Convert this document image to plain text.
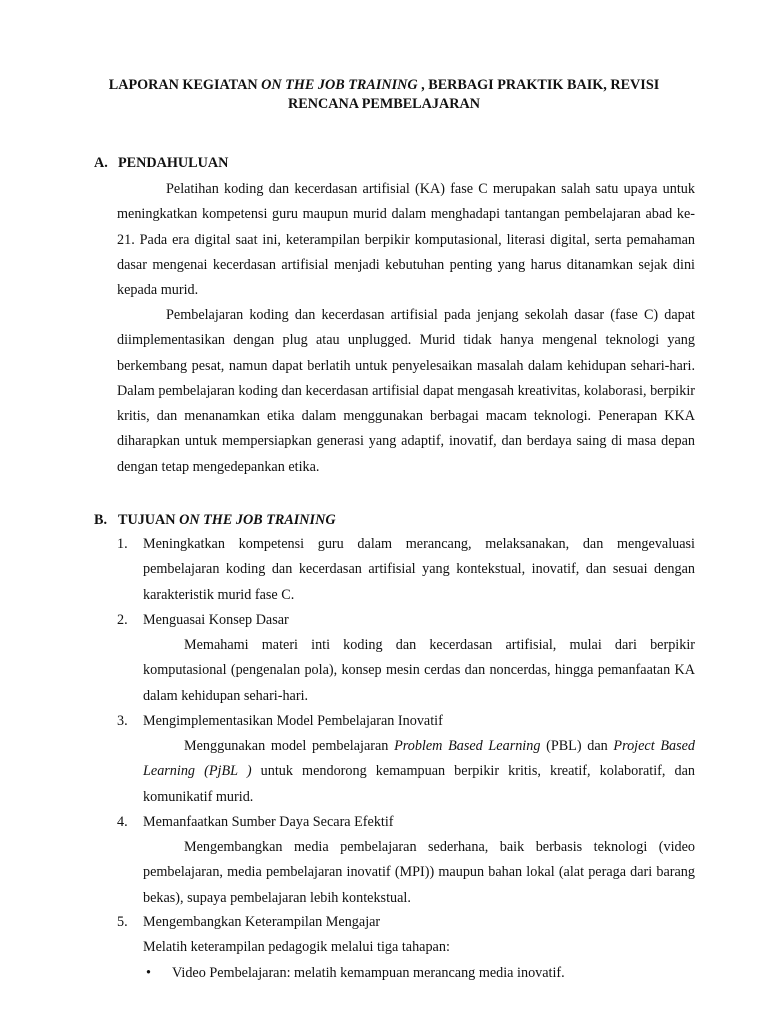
LAPORAN KEGIATAN ON THE JOB TRAINING , BERBAGI PRAKTIK BAIK, REVISI
RENCANA PEMBELAJARAN
A. PENDAHULUAN

Pelatihan koding dan kecerdasan artifisial (KA) fase C merupakan salah satu upaya untuk meningkatkan kompetensi guru maupun murid dalam menghadapi tantangan pembelajaran abad ke-21. Pada era digital saat ini, keterampilan berpikir komputasional, literasi digital, serta pemahaman dasar mengenai kecerdasan artifisial menjadi kebutuhan penting yang harus ditanamkan sejak dini kepada murid.

Pembelajaran koding dan kecerdasan artifisial pada jenjang sekolah dasar (fase C) dapat diimplementasikan dengan plug atau unplugged. Murid tidak hanya mengenal teknologi yang berkembang pesat, namun dapat berlatih untuk penyelesaikan masalah dalam kehidupan sehari-hari. Dalam pembelajaran koding dan kecerdasan artifisial dapat mengasah kreativitas, kolaborasi, berpikir kritis, dan menanamkan etika dalam menggunakan berbagai macam teknologi. Penerapan KKA diharapkan untuk mempersiapkan generasi yang adaptif, inovatif, dan berdaya saing di masa depan dengan tetap mengedepankan etika.

B. TUJUAN ON THE JOB TRAINING
1. Meningkatkan kompetensi guru dalam merancang, melaksanakan, dan mengevaluasi pembelajaran koding dan kecerdasan artifisial yang kontekstual, inovatif, dan sesuai dengan karakteristik murid fase C.
2. Menguasai Konsep Dasar

Memahami materi inti koding dan kecerdasan artifisial, mulai dari berpikir komputasional (pengenalan pola), konsep mesin cerdas dan noncerdas, hingga pemanfaatan KA dalam kehidupan sehari-hari.

3. Mengimplementasikan Model Pembelajaran Inovatif

Menggunakan model pembelajaran Problem Based Learning (PBL) dan Project Based Learning (PjBL ) untuk mendorong kemampuan berpikir kritis, kreatif, kolaboratif, dan komunikatif murid.

4. Memanfaatkan Sumber Daya Secara Efektif

Mengembangkan media pembelajaran sederhana, baik berbasis teknologi (video pembelajaran, media pembelajaran inovatif (MPI)) maupun bahan lokal (alat peraga dari barang bekas), supaya pembelajaran lebih kontekstual.

5. Mengembangkan Keterampilan Mengajar
Melatih keterampilan pedagogik melalui tiga tahapan:
• Video Pembelajaran: melatih kemampuan merancang media inovatif.
